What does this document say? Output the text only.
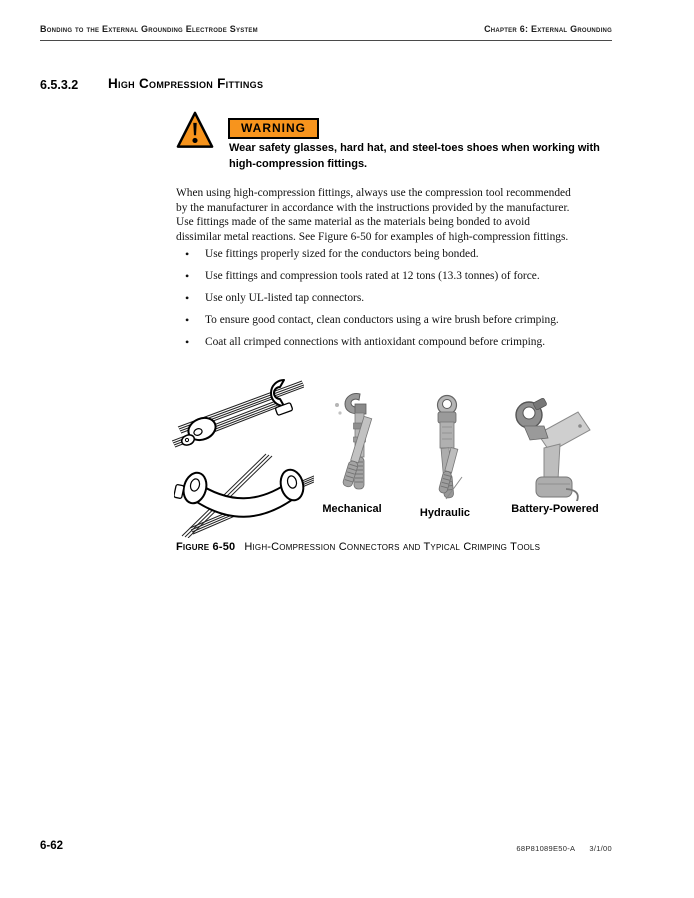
Bonding to the External Grounding Electrode System	Chapter 6: External Grounding
6.5.3.2 High Compression Fittings
WARNING
Wear safety glasses, hard hat, and steel-toes shoes when working with
high-compression fittings.
When using high-compression fittings, always use the compression tool recommended
by the manufacturer in accordance with the instructions provided by the manufacturer.
Use fittings made of the same material as the materials being bonded to avoid
dissimilar metal reactions. See Figure 6-50 for examples of high-compression fittings.
• Use fittings properly sized for the conductors being bonded.
• Use fittings and compression tools rated at 12 tons (13.3 tonnes) of force.
• Use only UL-listed tap connectors.
• To ensure good contact, clean conductors using a wire brush before crimping.
• Coat all crimped connections with antioxidant compound before crimping.
Mechanical	Hydraulic	Battery-Powered
Figure 6-50 High-Compression Connectors and Typical Crimping Tools
6-62	68P81089E50-A 3/1/00
